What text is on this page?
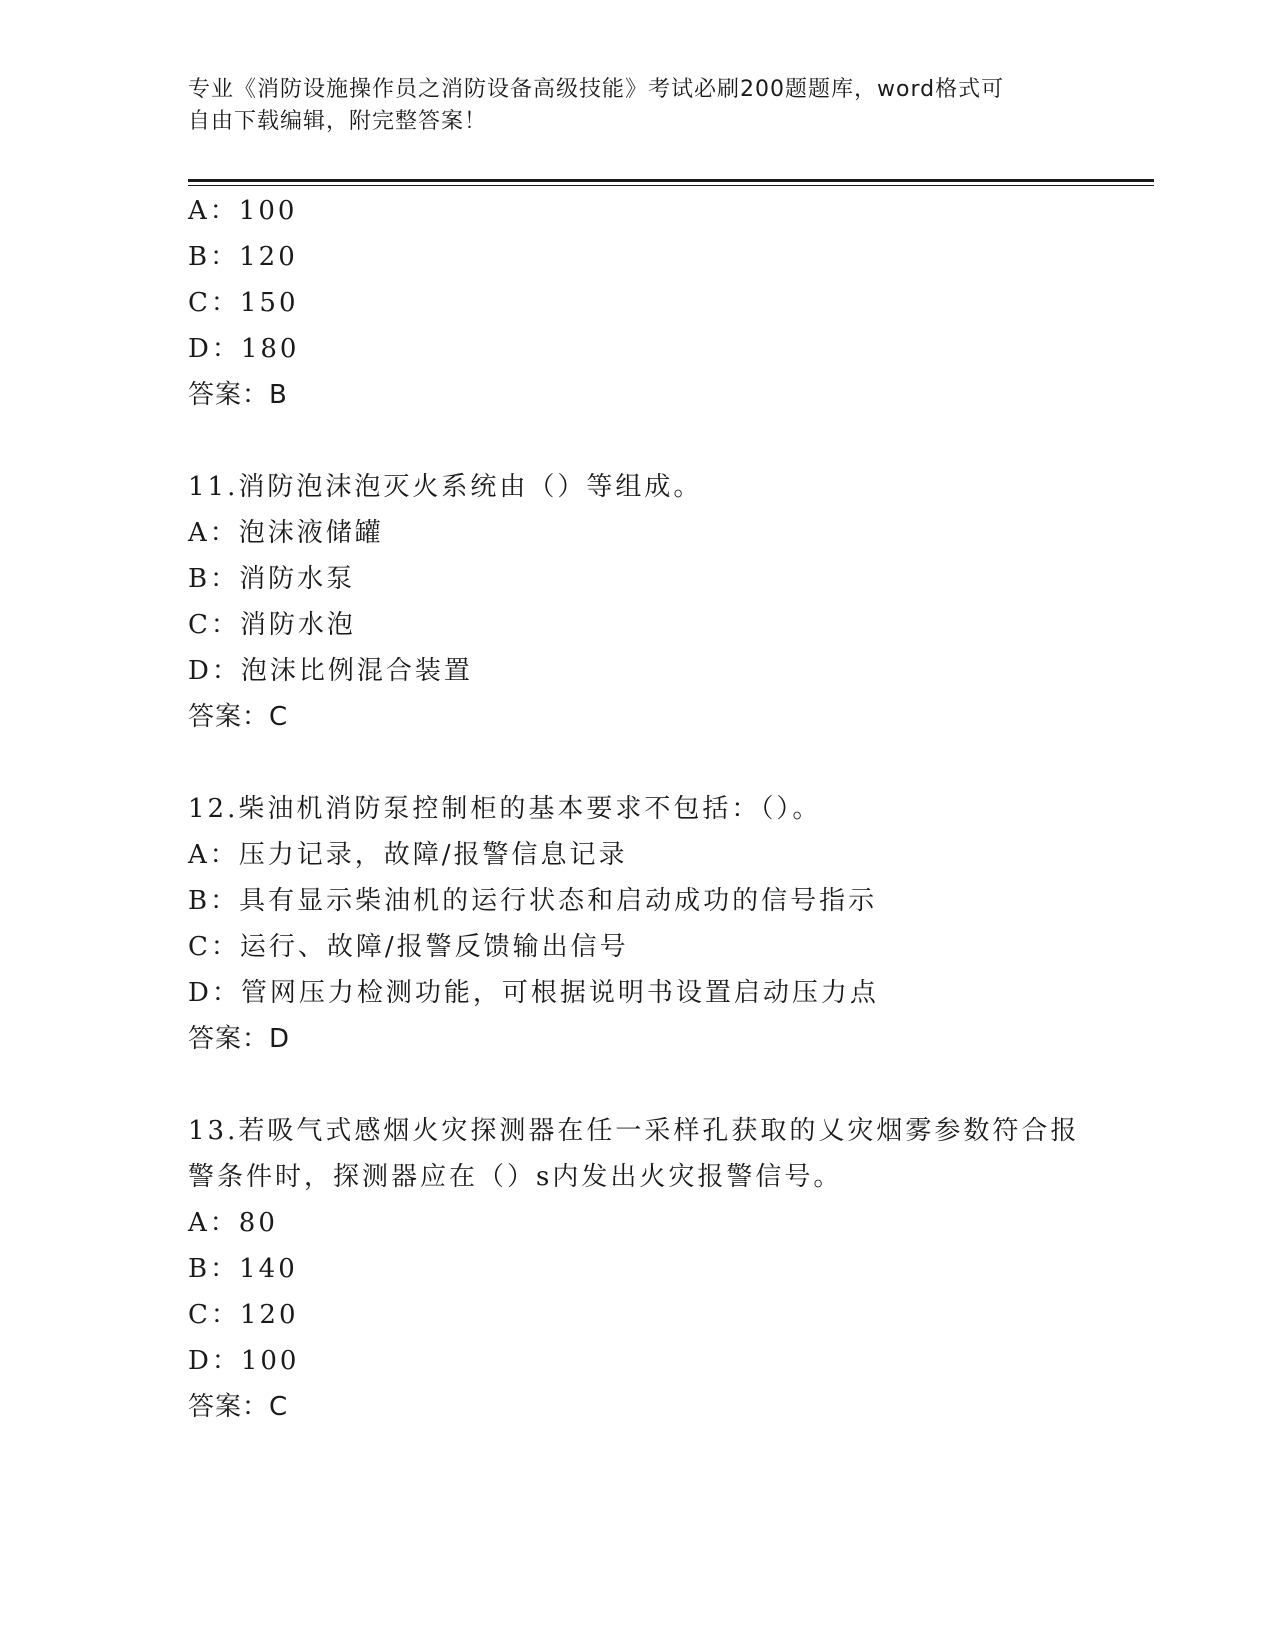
专业《消防设施操作员之消防设备高级技能》考试必刷200题题库，word格式可
自由下载编辑，附完整答案！
A：100
B：120
C：150
D：180
答案：B
11.消防泡沫泡灭火系统由（）等组成。
A：泡沫液储罐
B：消防水泵
C：消防水泡
D：泡沫比例混合装置
答案：C
12.柴油机消防泵控制柜的基本要求不包括：（）。
A：压力记录，故障/报警信息记录
B：具有显示柴油机的运行状态和启动成功的信号指示
C：运行、故障/报警反馈输出信号
D：管网压力检测功能，可根据说明书设置启动压力点
答案：D
13.若吸气式感烟火灾探测器在任一采样孔获取的乂灾烟雾参数符合报
警条件时，探测器应在（）s内发出火灾报警信号。
A：80
B：140
C：120
D：100
答案：C
